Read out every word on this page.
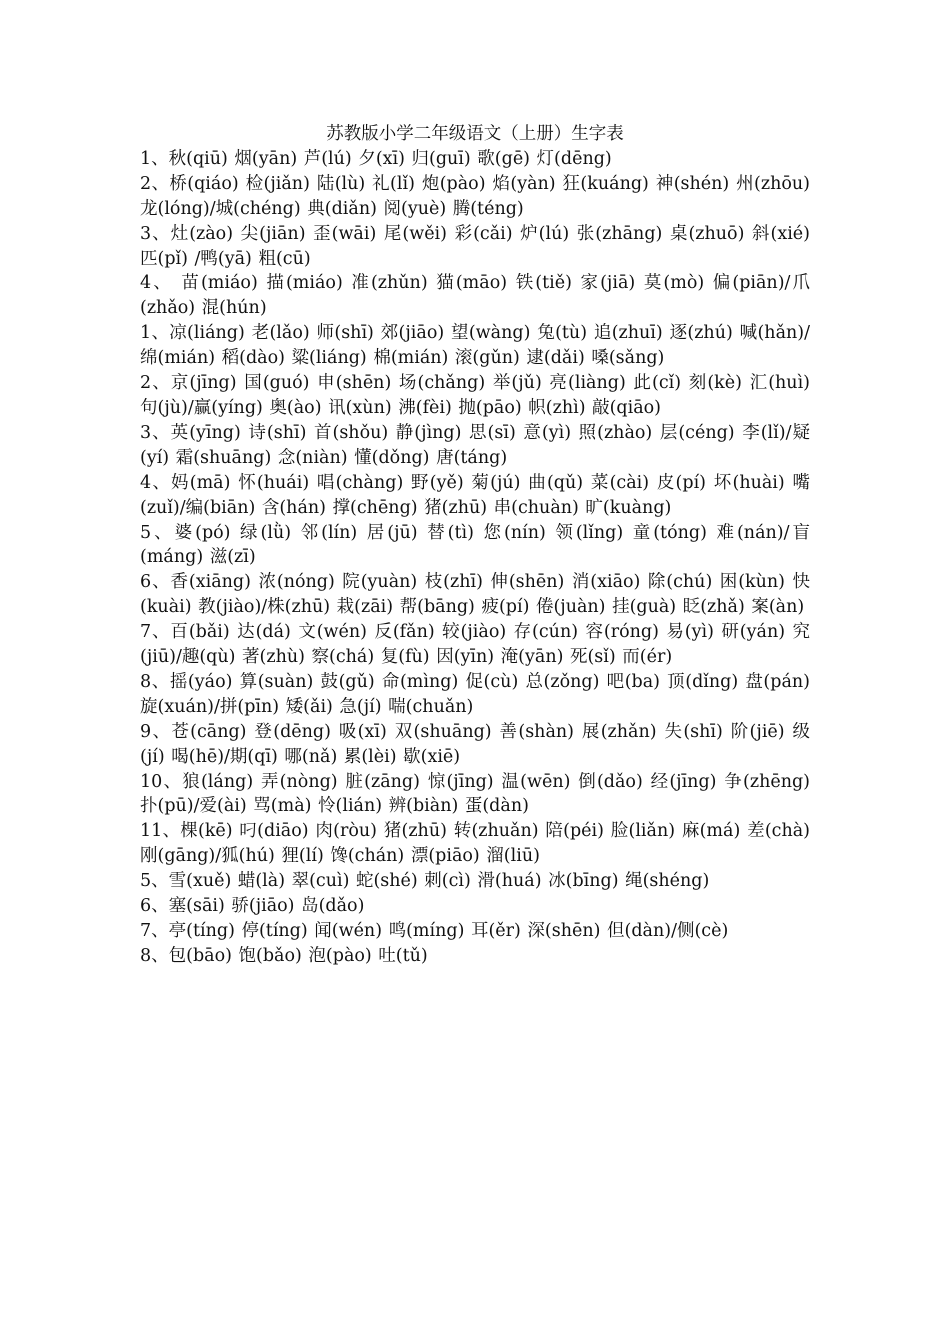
苏教版小学二年级语文（上册）生字表

1、秋(qiū) 烟(yān) 芦(lú) 夕(xī) 归(guī) 歌(gē) 灯(dēng)

2、桥(qiáo) 检(jiǎn) 陆(lù) 礼(lǐ) 炮(pào) 焰(yàn) 狂(kuáng) 神(shén) 州(zhōu) 龙(lóng)/城(chéng) 典(diǎn) 阅(yuè) 腾(téng)

3、灶(zào) 尖(jiān) 歪(wāi) 尾(wěi) 彩(cǎi) 炉(lú) 张(zhāng) 桌(zhuō) 斜(xié) 匹(pǐ) /鸭(yā) 粗(cū)

4、 苗(miáo) 描(miáo) 准(zhǔn) 猫(māo) 铁(tiě) 家(jiā) 莫(mò) 偏(piān)/爪(zhǎo) 混(hún)

1、凉(liáng) 老(lǎo) 师(shī) 郊(jiāo) 望(wàng) 兔(tù) 追(zhuī) 逐(zhú) 喊(hǎn)/绵(mián) 稻(dào) 粱(liáng) 棉(mián) 滚(gǔn) 逮(dǎi) 嗓(sǎng)

2、京(jīng) 国(guó) 申(shēn) 场(chǎng) 举(jǔ) 亮(liàng) 此(cǐ) 刻(kè) 汇(huì) 句(jù)/赢(yíng) 奥(ào) 讯(xùn) 沸(fèi) 抛(pāo) 帜(zhì) 敲(qiāo)

3、英(yīng) 诗(shī) 首(shǒu) 静(jìng) 思(sī) 意(yì) 照(zhào) 层(céng) 李(lǐ)/疑(yí) 霜(shuāng) 念(niàn) 懂(dǒng) 唐(táng)

4、妈(mā) 怀(huái) 唱(chàng) 野(yě) 菊(jú) 曲(qǔ) 菜(cài) 皮(pí) 坏(huài) 嘴(zuǐ)/编(biān) 含(hán) 撑(chēng) 猪(zhū) 串(chuàn) 旷(kuàng)

5、婆(pó) 绿(lǜ) 邻(lín) 居(jū) 替(tì) 您(nín) 领(lǐng) 童(tóng) 难(nán)/盲(máng) 滋(zī)

6、香(xiāng) 浓(nóng) 院(yuàn) 枝(zhī) 伸(shēn) 消(xiāo) 除(chú) 困(kùn) 快(kuài) 教(jiào)/株(zhū) 栽(zāi) 帮(bāng) 疲(pí) 倦(juàn) 挂(guà) 眨(zhǎ) 案(àn)

7、百(bǎi) 达(dá) 文(wén) 反(fǎn) 较(jiào) 存(cún) 容(róng) 易(yì) 研(yán) 究(jiū)/趣(qù) 著(zhù) 察(chá) 复(fù) 因(yīn) 淹(yān) 死(sǐ) 而(ér)

8、摇(yáo) 算(suàn) 鼓(gǔ) 命(mìng) 促(cù) 总(zǒng) 吧(ba) 顶(dǐng) 盘(pán) 旋(xuán)/拼(pīn) 矮(ǎi) 急(jí) 喘(chuǎn)

9、苍(cāng) 登(dēng) 吸(xī) 双(shuāng) 善(shàn) 展(zhǎn) 失(shī) 阶(jiē) 级(jí) 喝(hē)/期(qī) 哪(nǎ) 累(lèi) 歇(xiē)

10、狼(láng) 弄(nòng) 脏(zāng) 惊(jīng) 温(wēn) 倒(dǎo) 经(jīng) 争(zhēng) 扑(pū)/爱(ài) 骂(mà) 怜(lián) 辨(biàn) 蛋(dàn)

11、棵(kē) 叼(diāo) 肉(ròu) 猪(zhū) 转(zhuǎn) 陪(péi) 脸(liǎn) 麻(má) 差(chà) 刚(gāng)/狐(hú) 狸(lí) 馋(chán) 漂(piāo) 溜(liū)

5、雪(xuě) 蜡(là) 翠(cuì) 蛇(shé) 刺(cì) 滑(huá) 冰(bīng) 绳(shéng)

6、塞(sāi) 骄(jiāo) 岛(dǎo)

7、亭(tíng) 停(tíng) 闻(wén) 鸣(míng) 耳(ěr) 深(shēn) 但(dàn)/侧(cè)

8、包(bāo) 饱(bǎo) 泡(pào) 吐(tǔ)
